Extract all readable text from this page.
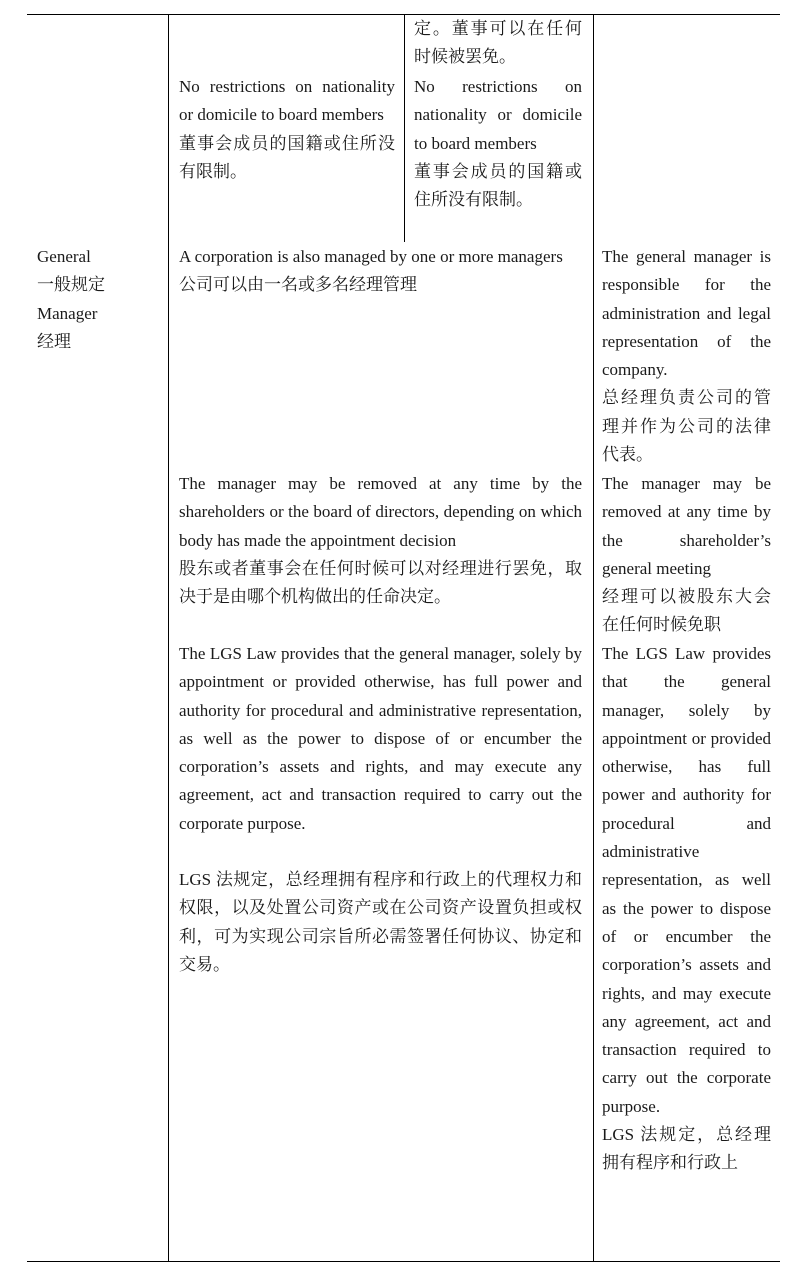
定。董事可以在任何时候被罢免。

No restrictions on nationality or domicile to board members

董事会成员的国籍或住所没有限制。

No restrictions on nationality or domicile to board members

董事会成员的国籍或住所没有限制。

General

一般规定

Manager

经理

A corporation is also managed by one or more managers

公司可以由一名或多名经理管理

The manager may be removed at any time by the shareholders or the board of directors, depending on which body has made the appointment decision

股东或者董事会在任何时候可以对经理进行罢免，取决于是由哪个机构做出的任命决定。

The LGS Law provides that the general manager, solely by appointment or provided otherwise, has full power and authority for procedural and administrative representation, as well as the power to dispose of or encumber the corporation’s assets and rights, and may execute any agreement, act and transaction required to carry out the corporate purpose.

LGS 法规定，总经理拥有程序和行政上的代理权力和权限，以及处置公司资产或在公司资产设置负担或权利，可为实现公司宗旨所必需签署任何协议、协定和交易。

The general manager is responsible for the administration and legal representation of the company.

总经理负责公司的管理并作为公司的法律代表。

The manager may be removed at any time by the shareholder’s general meeting

经理可以被股东大会在任何时候免职

The LGS Law provides that the general manager, solely by appointment or provided otherwise, has full power and authority for procedural and administrative representation, as well as the power to dispose of or encumber the corporation’s assets and rights, and may execute any agreement, act and transaction required to carry out the corporate purpose.

LGS 法规定，总经理拥有程序和行政上
